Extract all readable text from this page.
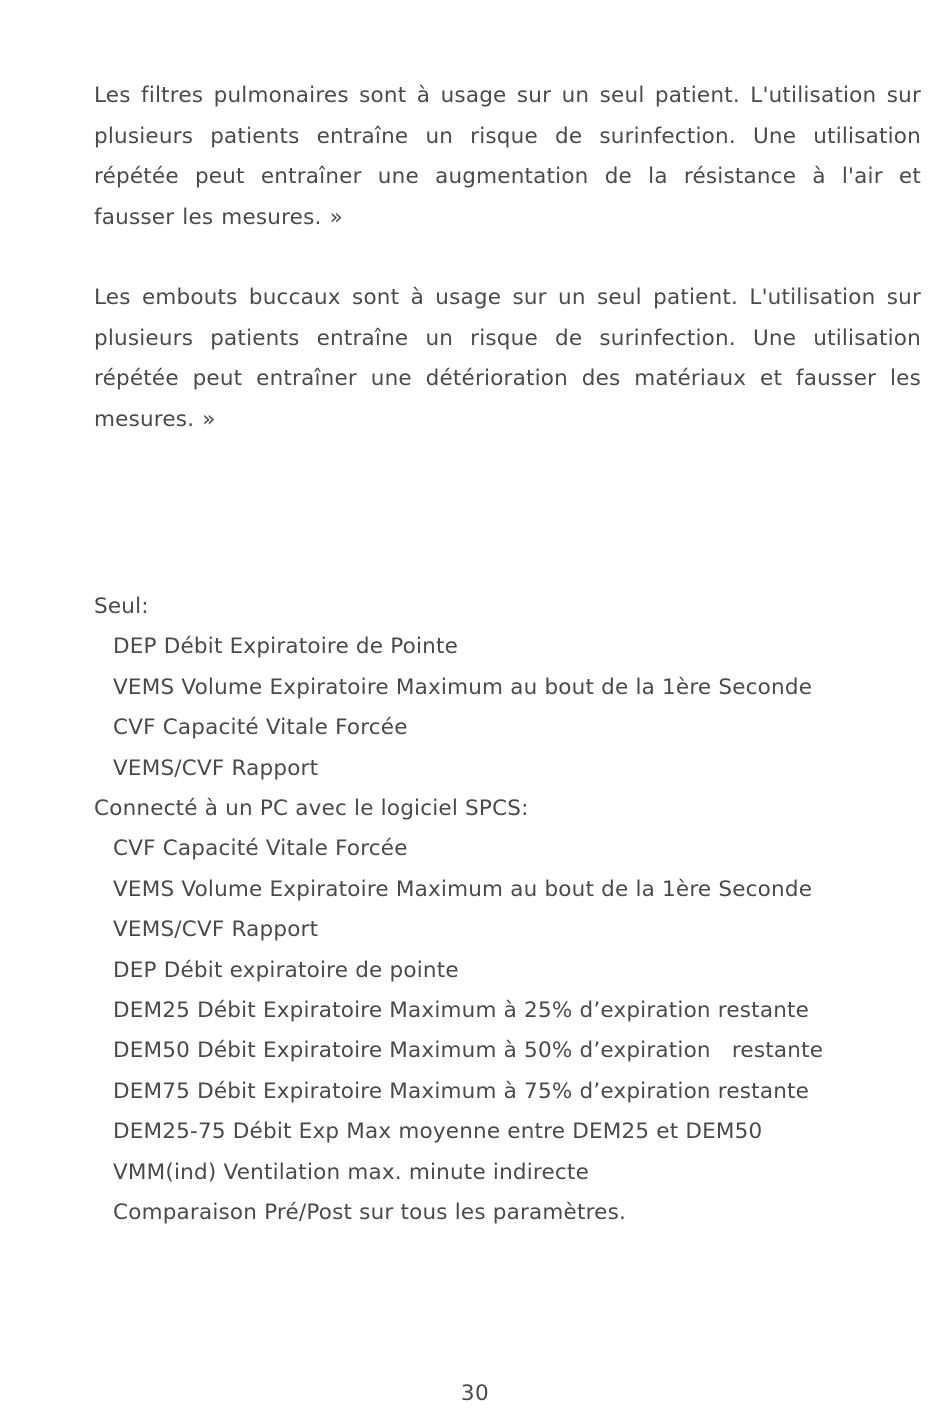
Les filtres pulmonaires sont à usage sur un seul patient. L'utilisation sur plusieurs patients entraîne un risque de surinfection. Une utilisation répétée peut entraîner une augmentation de la résistance à l'air et fausser les mesures. »

Les embouts buccaux sont à usage sur un seul patient. L'utilisation sur plusieurs patients entraîne un risque de surinfection. Une utilisation répétée peut entraîner une détérioration des matériaux et fausser les mesures. »

Seul:

DEP Débit Expiratoire de Pointe
VEMS Volume Expiratoire Maximum au bout de la 1ère Seconde
CVF Capacité Vitale Forcée
VEMS/CVF Rapport

Connecté à un PC avec le logiciel SPCS:

CVF Capacité Vitale Forcée
VEMS Volume Expiratoire Maximum au bout de la 1ère Seconde
VEMS/CVF Rapport
DEP Débit expiratoire de pointe
DEM25 Débit Expiratoire Maximum à 25% d’expiration restante
DEM50 Débit Expiratoire Maximum à 50% d’expiration   restante
DEM75 Débit Expiratoire Maximum à 75% d’expiration restante
DEM25-75 Débit Exp Max moyenne entre DEM25 et DEM50
VMM(ind) Ventilation max. minute indirecte
Comparaison Pré/Post sur tous les paramètres.
30
